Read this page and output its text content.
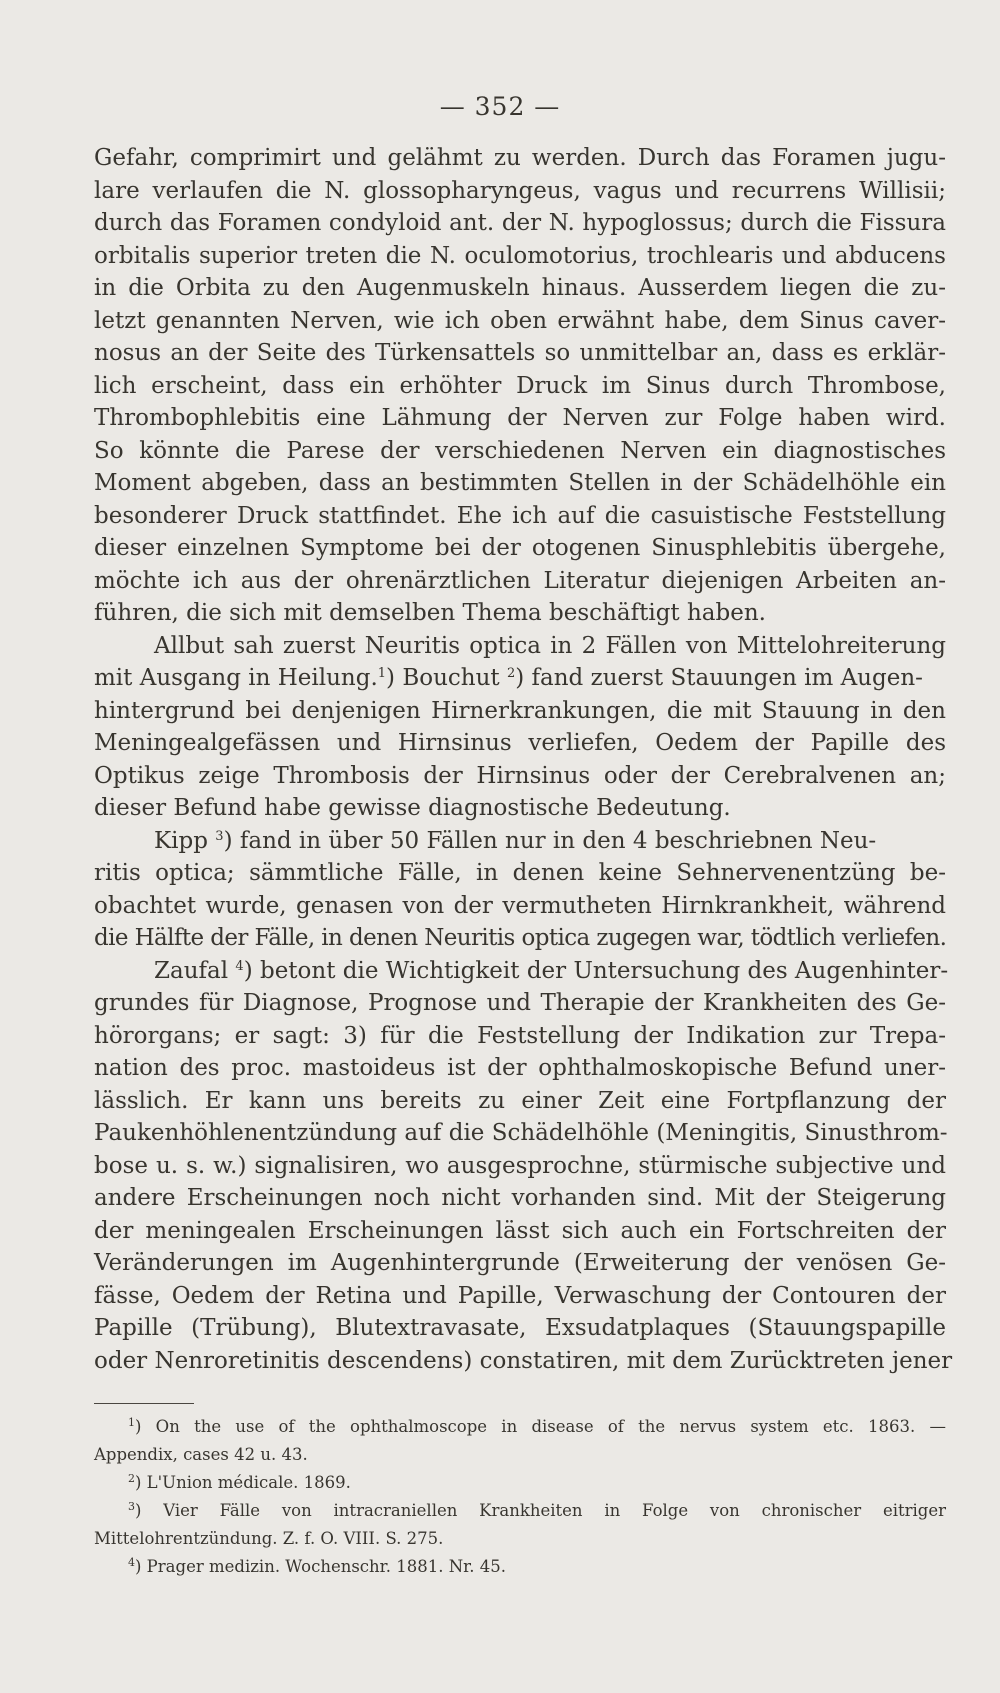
— 352 —
Gefahr, comprimirt und gelähmt zu werden. Durch das Foramen jugu-
lare verlaufen die N. glossopharyngeus, vagus und recurrens Willisii;
durch das Foramen condyloid ant. der N. hypoglossus; durch die Fissura
orbitalis superior treten die N. oculomotorius, trochlearis und abducens
in die Orbita zu den Augenmuskeln hinaus. Ausserdem liegen die zu-
letzt genannten Nerven, wie ich oben erwähnt habe, dem Sinus caver-
nosus an der Seite des Türkensattels so unmittelbar an, dass es erklär-
lich erscheint, dass ein erhöhter Druck im Sinus durch Thrombose,
Thrombophlebitis eine Lähmung der Nerven zur Folge haben wird.
So könnte die Parese der verschiedenen Nerven ein diagnostisches
Moment abgeben, dass an bestimmten Stellen in der Schädelhöhle ein
besonderer Druck stattfindet. Ehe ich auf die casuistische Feststellung
dieser einzelnen Symptome bei der otogenen Sinusphlebitis übergehe,
möchte ich aus der ohrenärztlichen Literatur diejenigen Arbeiten an-
führen, die sich mit demselben Thema beschäftigt haben.
Allbut sah zuerst Neuritis optica in 2 Fällen von Mittelohreiterung
mit Ausgang in Heilung.$^1$) Bouchut $^2$) fand zuerst Stauungen im Augen-
hintergrund bei denjenigen Hirnerkrankungen, die mit Stauung in den
Meningealgefässen und Hirnsinus verliefen, Oedem der Papille des
Optikus zeige Thrombosis der Hirnsinus oder der Cerebralvenen an;
dieser Befund habe gewisse diagnostische Bedeutung.
Kipp $^3$) fand in über 50 Fällen nur in den 4 beschriebnen Neu-
ritis optica; sämmtliche Fälle, in denen keine Sehnervenentzüng be-
obachtet wurde, genasen von der vermutheten Hirnkrankheit, während
die Hälfte der Fälle, in denen Neuritis optica zugegen war, tödtlich verliefen.
Zaufal $^4$) betont die Wichtigkeit der Untersuchung des Augenhinter-
grundes für Diagnose, Prognose und Therapie der Krankheiten des Ge-
hörorgans; er sagt: 3) für die Feststellung der Indikation zur Trepa-
nation des proc. mastoideus ist der ophthalmoskopische Befund uner-
lässlich. Er kann uns bereits zu einer Zeit eine Fortpflanzung der
Paukenhöhlenentzündung auf die Schädelhöhle (Meningitis, Sinusthrom-
bose u. s. w.) signalisiren, wo ausgesprochne, stürmische subjective und
andere Erscheinungen noch nicht vorhanden sind. Mit der Steigerung
der meningealen Erscheinungen lässt sich auch ein Fortschreiten der
Veränderungen im Augenhintergrunde (Erweiterung der venösen Ge-
fässe, Oedem der Retina und Papille, Verwaschung der Contouren der
Papille (Trübung), Blutextravasate, Exsudatplaques (Stauungspapille
oder Nenroretinitis descendens) constatiren, mit dem Zurücktreten jener
$^1$) On the use of the ophthalmoscope in disease of the nervus system etc. 1863. —
Appendix, cases 42 u. 43.
$^2$) L'Union médicale. 1869.
$^3$) Vier Fälle von intracraniellen Krankheiten in Folge von chronischer eitriger
Mittelohrentzündung. Z. f. O. VIII. S. 275.
$^4$) Prager medizin. Wochenschr. 1881. Nr. 45.
